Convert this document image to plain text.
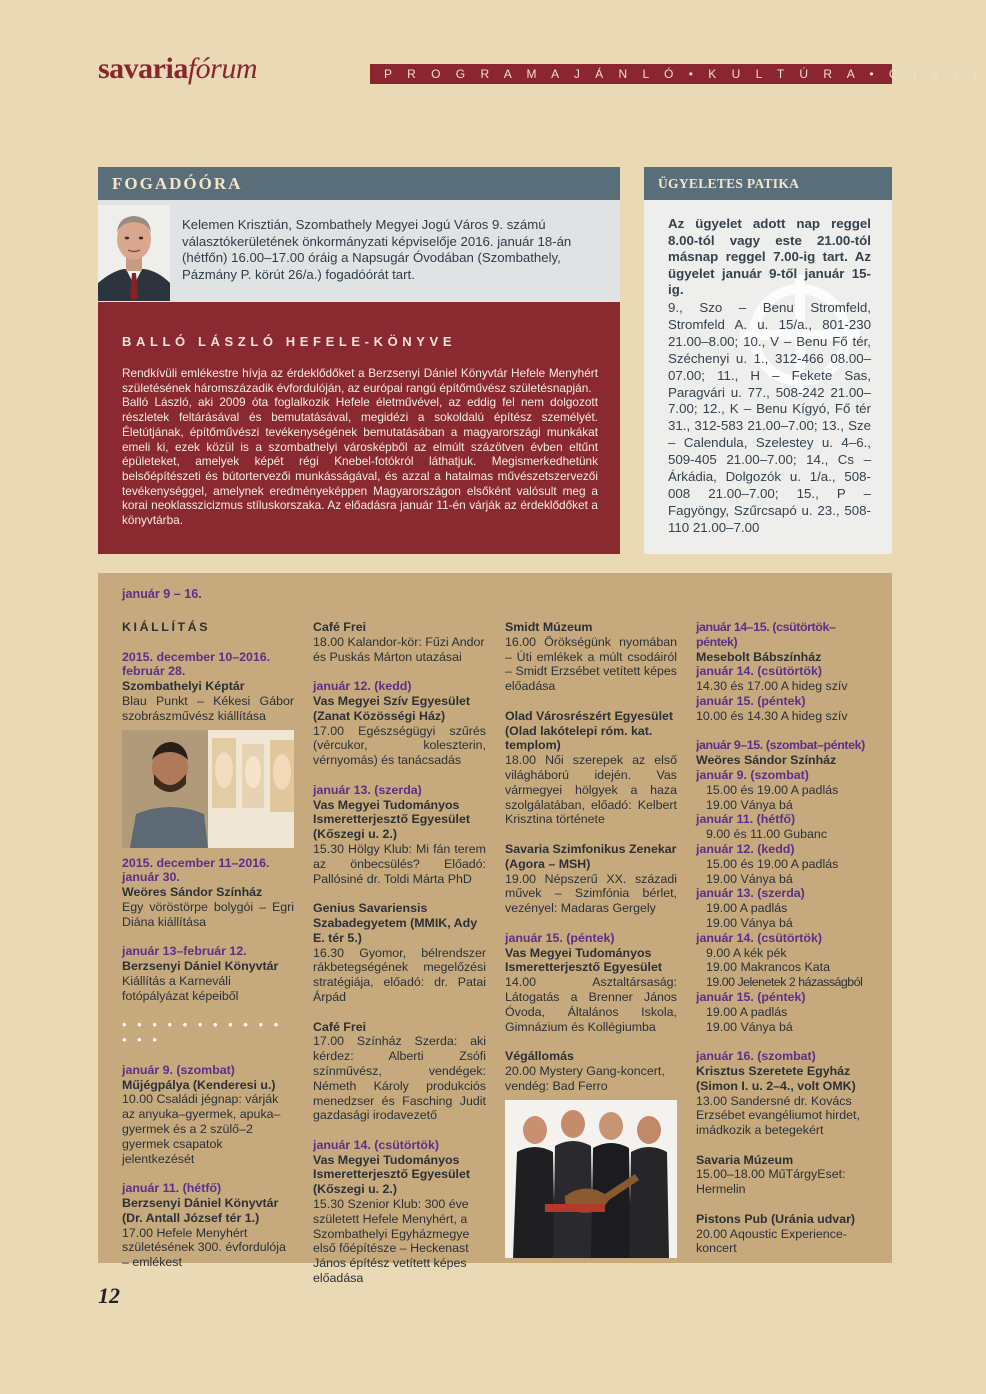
savariafórum	P R O G R A M A J Á N L Ó • K U L T Ú R A • C I V I L
FOGADÓÓRA
Kelemen Krisztián, Szombathely Megyei Jogú Város 9. számú választókerületének önkormányzati képviselője 2016. január 18-án (hétfőn) 16.00–17.00 óráig a Napsugár Óvodában (Szombathely, Pázmány P. körút 26/a.) fogadóórát tart.
BALLÓ LÁSZLÓ HEFELE-KÖNYVE

Rendkívüli emlékestre hívja az érdeklődőket a Berzsenyi Dániel Könyvtár Hefele Menyhért születésének háromszázadik évfordulóján, az európai rangú építőművész születésnapján.

Balló László, aki 2009 óta foglalkozik Hefele életművével, az eddig fel nem dolgozott részletek feltárásával és bemutatásával, megidézi a sokoldalú építész személyét. Életútjának, építőművészi tevékenységének bemutatásában a magyarországi munkákat emeli ki, ezek közül is a szombathelyi városképből az elmúlt százötven évben eltűnt épületeket, amelyek képét régi Knebel-fotókról láthatjuk. Megismerkedhetünk belsőépítészeti és bútortervezői munkásságával, és azzal a hatalmas művészetszervezői tevékenységgel, amelynek eredményeképpen Magyarországon elsőként valósult meg a korai neoklasszicizmus stíluskorszaka. Az előadásra január 11-én várják az érdeklődőket a könyvtárba.

ÜGYELETES PATIKA
Az ügyelet adott nap reggel 8.00-tól vagy este 21.00-tól másnap reggel 7.00-ig tart. Az ügyelet január 9-től január 15-ig.
9., Szo – Benu Stromfeld, Stromfeld A. u. 15/a., 801-230 21.00–8.00; 10., V – Benu Fő tér, Széchenyi u. 1., 312-466 08.00–07.00; 11., H – Fekete Sas, Paragvári u. 77., 508-242 21.00–7.00; 12., K – Benu Kígyó, Fő tér 31., 312-583 21.00–7.00; 13., Sze – Calendula, Szelestey u. 4–6., 509-405 21.00–7.00; 14., Cs – Árkádia, Dolgozók u. 1/a., 508-008 21.00–7.00; 15., P – Fagyöngy, Szűrcsapó u. 23., 508-110 21.00–7.00
január 9 – 16.
KIÁLLÍTÁS
2015. december 10–2016. február 28.
Szombathelyi Képtár
Blau Punkt – Kékesi Gábor szobrászművész kiállítása
2015. december 11–2016. január 30.
Weöres Sándor Színház
Egy vöröstörpe bolygói – Egri Diána kiállítása
január 13–február 12.
Berzsenyi Dániel Könyvtár
Kiállítás a Karneváli fotópályázat képeiből
• • • • • • • • • • • • • •
január 9. (szombat)
Műjégpálya (Kenderesi u.)
10.00 Családi jégnap: várják az anyuka–gyermek, apuka–gyermek és a 2 szülő–2 gyermek csapatok jelentkezését
január 11. (hétfő)
Berzsenyi Dániel Könyvtár (Dr. Antall József tér 1.)
17.00 Hefele Menyhért születésének 300. évfordulója – emlékest
Café Frei
18.00 Kalandor-kör: Fűzi Andor és Puskás Márton utazásai
január 12. (kedd)
Vas Megyei Szív Egyesület (Zanat Közösségi Ház)
17.00 Egészségügyi szűrés (vércukor, koleszterin, vérnyomás) és tanácsadás
január 13. (szerda)
Vas Megyei Tudományos Ismeretterjesztő Egyesület (Kőszegi u. 2.)
15.30 Hölgy Klub: Mi fán terem az önbecsülés? Előadó: Pallósiné dr. Toldi Márta PhD
Genius Savariensis Szabadegyetem (MMIK, Ady E. tér 5.)
16.30 Gyomor, bélrendszer rákbetegségének megelőzési stratégiája, előadó: dr. Patai Árpád
Café Frei
17.00 Színház Szerda: aki kérdez: Alberti Zsófi színművész, vendégek: Németh Károly produkciós menedzser és Fasching Judit gazdasági irodavezető
január 14. (csütörtök)
Vas Megyei Tudományos Ismeretterjesztő Egyesület (Kőszegi u. 2.)
15.30 Szenior Klub: 300 éve született Hefele Menyhért, a Szombathelyi Egyházmegye első főépítésze – Heckenast János építész vetített képes előadása
Smidt Múzeum
16.00 Örökségünk nyomában – Úti emlékek a múlt csodáiról – Smidt Erzsébet vetített képes előadása
Olad Városrészért Egyesület (Olad lakótelepi róm. kat. templom)
18.00 Női szerepek az első világháború idején. Vas vármegyei hölgyek a haza szolgálatában, előadó: Kelbert Krisztina története
Savaria Szimfonikus Zenekar (Agora – MSH)
19.00 Népszerű XX. századi művek – Szimfónia bérlet, vezényel: Madaras Gergely
január 15. (péntek)
Vas Megyei Tudományos Ismeretterjesztő Egyesület
14.00 Asztaltársaság: Látogatás a Brenner János Óvoda, Általános Iskola, Gimnázium és Kollégiumba
Végállomás
20.00 Mystery Gang-koncert, vendég: Bad Ferro
január 14–15. (csütörtök–péntek)
Mesebolt Bábszínház
január 14. (csütörtök)
14.30 és 17.00 A hideg szív
január 15. (péntek)
10.00 és 14.30 A hideg szív
január 9–15. (szombat–péntek)
Weöres Sándor Színház
január 9. (szombat)
15.00 és 19.00 A padlás
19.00 Ványa bá
január 11. (hétfő)
9.00 és 11.00 Gubanc
január 12. (kedd)
15.00 és 19.00 A padlás
19.00 Ványa bá
január 13. (szerda)
19.00 A padlás
19.00 Ványa bá
január 14. (csütörtök)
9.00 A kék pék
19.00 Makrancos Kata
19.00 Jelenetek 2 házasságból
január 15. (péntek)
19.00 A padlás
19.00 Ványa bá
január 16. (szombat)
Krisztus Szeretete Egyház (Simon I. u. 2–4., volt OMK)
13.00 Sandersné dr. Kovács Erzsébet evangéliumot hirdet, imádkozik a betegekért
Savaria Múzeum
15.00–18.00 MűTárgyEset: Hermelin
Pistons Pub (Uránia udvar)
20.00 Aqoustic Experience-koncert
12
